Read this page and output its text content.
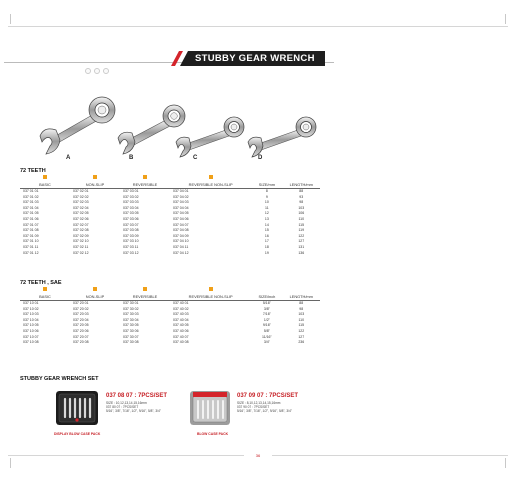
STUBBY GEAR WRENCH
A	B	C	D
72 TEETH
BASIC	NON-SLIP	REVERSIBLE	REVERSIBLE NON-SLIP	SIZE/mm	LENGTH/mm

037 01 01	037 02 01	037 03 01	037 04 01	8	88
037 01 02	037 02 02	037 03 02	037 04 02	9	93
037 01 03	037 02 03	037 03 03	037 04 03	10	98
037 01 04	037 02 04	037 03 04	037 04 04	11	103
037 01 05	037 02 05	037 03 05	037 04 05	12	106
037 01 06	037 02 06	037 03 06	037 04 06	13	110
037 01 07	037 02 07	037 03 07	037 04 07	14	115
037 01 08	037 02 08	037 03 08	037 04 08	15	119
037 01 09	037 02 09	037 03 09	037 04 09	16	122
037 01 10	037 02 10	037 03 10	037 04 10	17	127
037 01 11	037 02 11	037 03 11	037 04 11	18	131
037 01 12	037 02 12	037 03 12	037 04 12	19	136
72 TEETH , SAE
BASIC	NON-SLIP	REVERSIBLE	REVERSIBLE NON-SLIP	SIZE/inch	LENGTH/mm

037 10 01	037 20 01	037 30 01	037 40 01	5/16"	88
037 10 02	037 20 02	037 30 02	037 40 02	3/8"	98
037 10 03	037 20 03	037 30 03	037 40 03	7/16"	103
037 10 04	037 20 04	037 30 04	037 40 04	1/2"	110
037 10 05	037 20 05	037 30 05	037 40 05	9/16"	115
037 10 06	037 20 06	037 30 06	037 40 06	5/8"	122
037 10 07	037 20 07	037 30 07	037 40 07	11/16"	127
037 10 08	037 20 08	037 30 08	037 40 08	3/4"	236
STUBBY GEAR WRENCH SET
037 08 07 : 7PCS/SET
SIZE : 10,12,13,14,15,16mm
037 80 07 : 7PCS/SET
5/16", 3/8", 7/16", 1/2", 9/16", 5/8", 3/4"
DISPLAY BLOW CASE PACK
037 09 07 : 7PCS/SET
SIZE : 8,10,12,13,14,15,16mm
037 90 07 : 7PCS/SET
5/16", 3/8", 7/16", 1/2", 9/16", 5/8", 3/4"
BLOW CASE PACK
36
